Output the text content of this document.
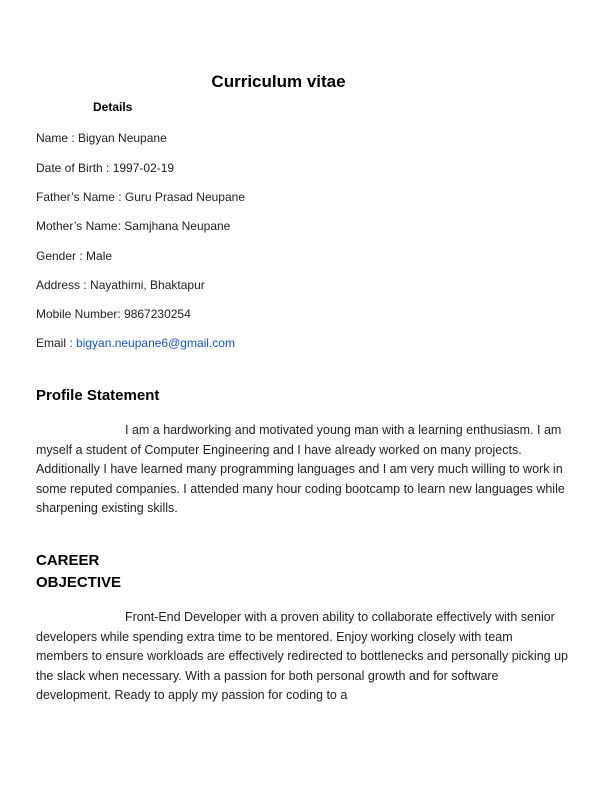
Curriculum vitae
Details
Name : Bigyan Neupane
Date of Birth : 1997-02-19
Father’s Name : Guru Prasad Neupane
Mother’s Name: Samjhana Neupane
Gender : Male
Address : Nayathimi, Bhaktapur
Mobile Number: 9867230254
Email : bigyan.neupane6@gmail.com
Profile Statement

I am a hardworking and motivated young man with a learning enthusiasm. I am myself a student of Computer Engineering and I have already worked on many projects. Additionally I have learned many programming languages and I am very much willing to work in some reputed companies. I attended many hour coding bootcamp to learn new languages while sharpening existing skills.

CAREER OBJECTIVE

Front-End Developer with a proven ability to collaborate effectively with senior developers while spending extra time to be mentored. Enjoy working closely with team members to ensure workloads are effectively redirected to bottlenecks and personally picking up the slack when necessary. With a passion for both personal growth and for software development. Ready to apply my passion for coding to a
